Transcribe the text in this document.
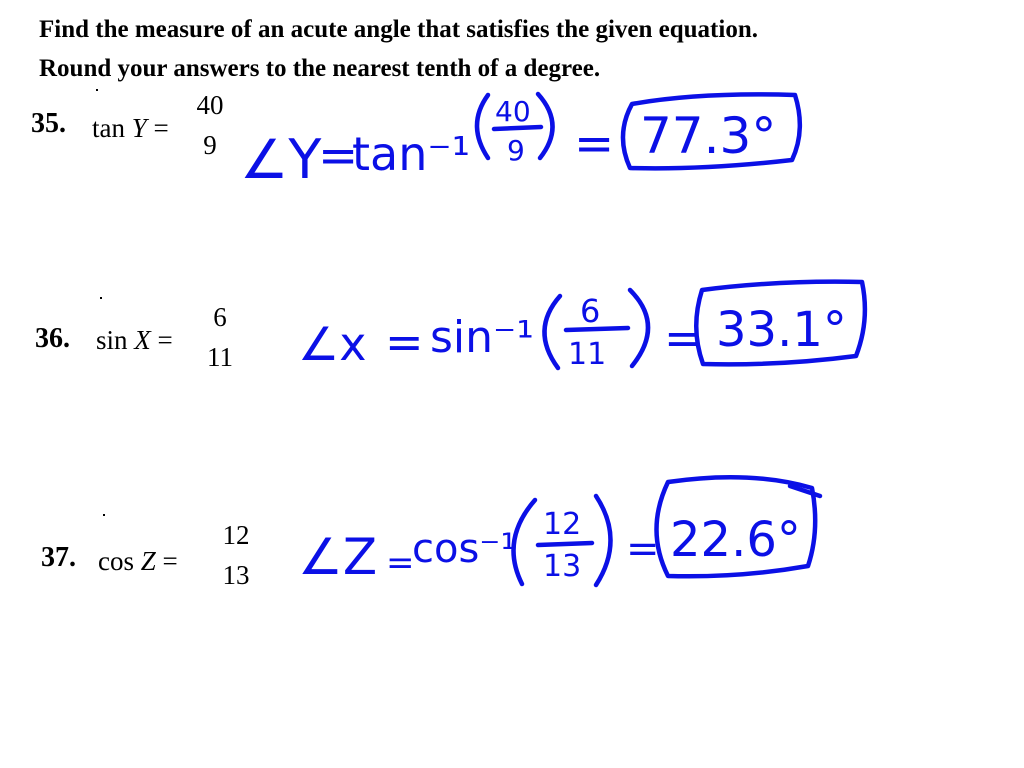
Find the measure of an acute angle that satisfies the given equation.
Round your answers to the nearest tenth of a degree.
35. tan Y =
40
9
36. sin X =
6
11
37. cos Z =
12
13
∠Y
=
tan⁻¹
40
9 = 77.3°
∠x = sin⁻¹
6
11 = 33.1°
∠Z =
cos⁻¹
12
13 = 22.6°
